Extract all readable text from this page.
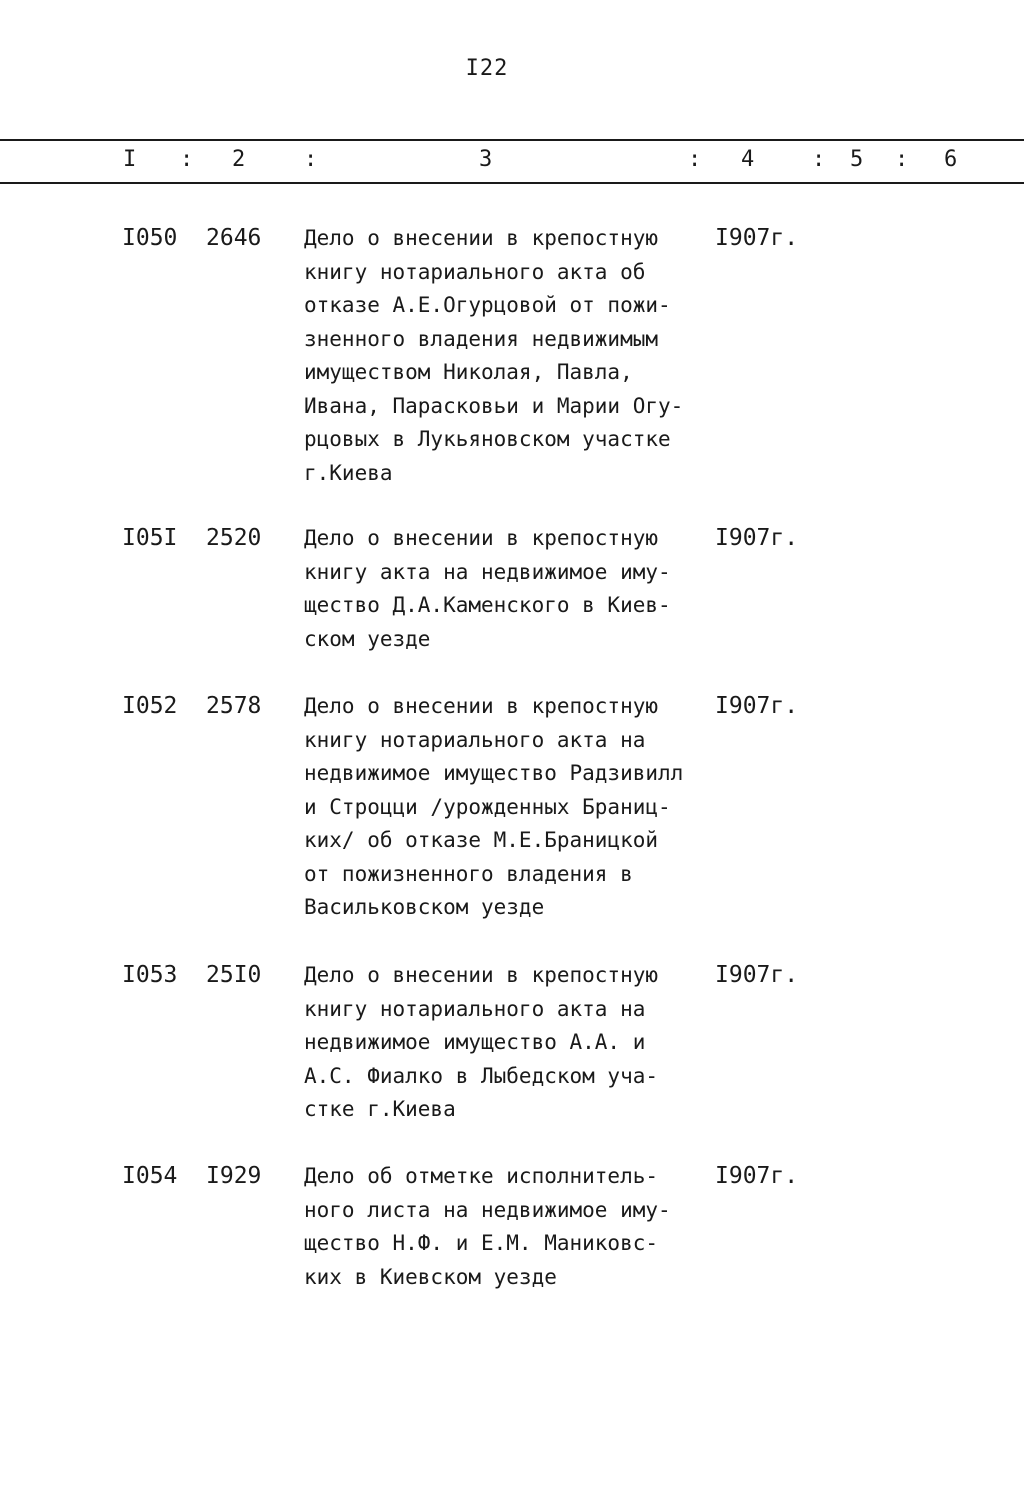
I22
I : 2	:	3	: 4	: 5 : 6
I050 2646 Дело о внесении в крепостную
книгу нотариального акта об
отказе А.Е.Огурцовой от пожи-
зненного владения недвижимым
имуществом Николая, Павла,
Ивана, Парасковьи и Марии Огу-
рцовых в Лукьяновском участке
г.Киева
I907г.
I05I 2520 Дело о внесении в крепостную
книгу акта на недвижимое иму-
щество Д.А.Каменского в Киев-
ском уезде
I907г.
I052 2578 Дело о внесении в крепостную
книгу нотариального акта на
недвижимое имущество Радзивилл
и Строцци /урожденных Браниц-
ких/ об отказе М.Е.Браницкой
от пожизненного владения в
Васильковском уезде
I907г.
I053 25I0 Дело о внесении в крепостную
книгу нотариального акта на
недвижимое имущество А.А. и
А.С. Фиалко в Лыбедском уча-
стке г.Киева
I907г.
I054 I929 Дело об отметке исполнитель-
ного листа на недвижимое иму-
щество Н.Ф. и Е.М. Маниковс-
ких в Киевском уезде
I907г.
